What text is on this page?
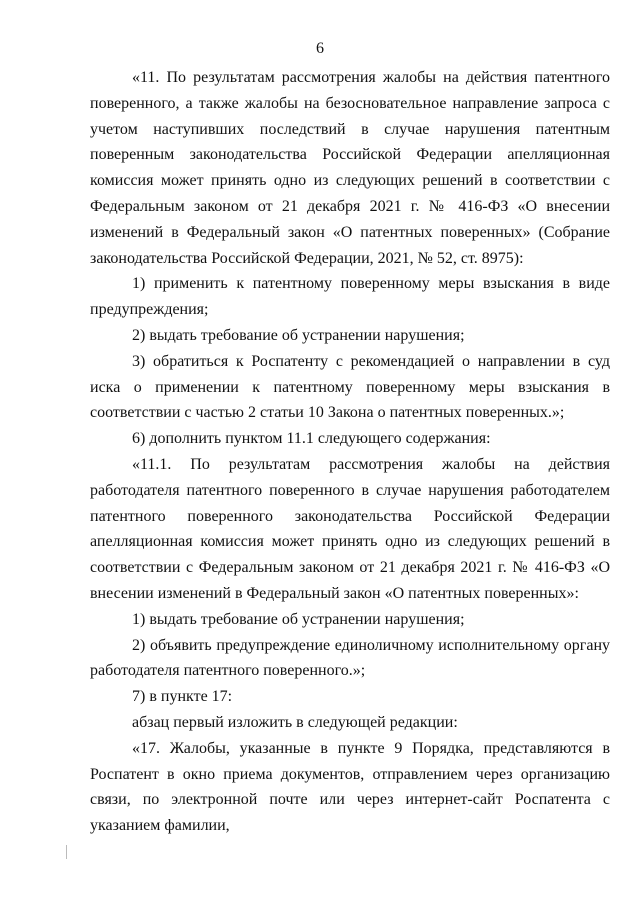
6

«11. По результатам рассмотрения жалобы на действия патентного поверенного, а также жалобы на безосновательное направление запроса с учетом наступивших последствий в случае нарушения патентным поверенным законодательства Российской Федерации апелляционная комиссия может принять одно из следующих решений в соответствии с Федеральным законом от 21 декабря 2021 г. № 416-ФЗ «О внесении изменений в Федеральный закон «О патентных поверенных» (Собрание законодательства Российской Федерации, 2021, № 52, ст. 8975):

1) применить к патентному поверенному меры взыскания в виде предупреждения;

2) выдать требование об устранении нарушения;

3) обратиться к Роспатенту с рекомендацией о направлении в суд иска о применении к патентному поверенному меры взыскания в соответствии с частью 2 статьи 10 Закона о патентных поверенных.»;

6) дополнить пунктом 11.1 следующего содержания:

«11.1. По результатам рассмотрения жалобы на действия работодателя патентного поверенного в случае нарушения работодателем патентного поверенного законодательства Российской Федерации апелляционная комиссия может принять одно из следующих решений в соответствии с Федеральным законом от 21 декабря 2021 г. № 416-ФЗ «О внесении изменений в Федеральный закон «О патентных поверенных»:

1) выдать требование об устранении нарушения;

2) объявить предупреждение единоличному исполнительному органу работодателя патентного поверенного.»;

7) в пункте 17:

абзац первый изложить в следующей редакции:

«17. Жалобы, указанные в пункте 9 Порядка, представляются в Роспатент в окно приема документов, отправлением через организацию связи, по электронной почте или через интернет-сайт Роспатента с указанием фамилии,
